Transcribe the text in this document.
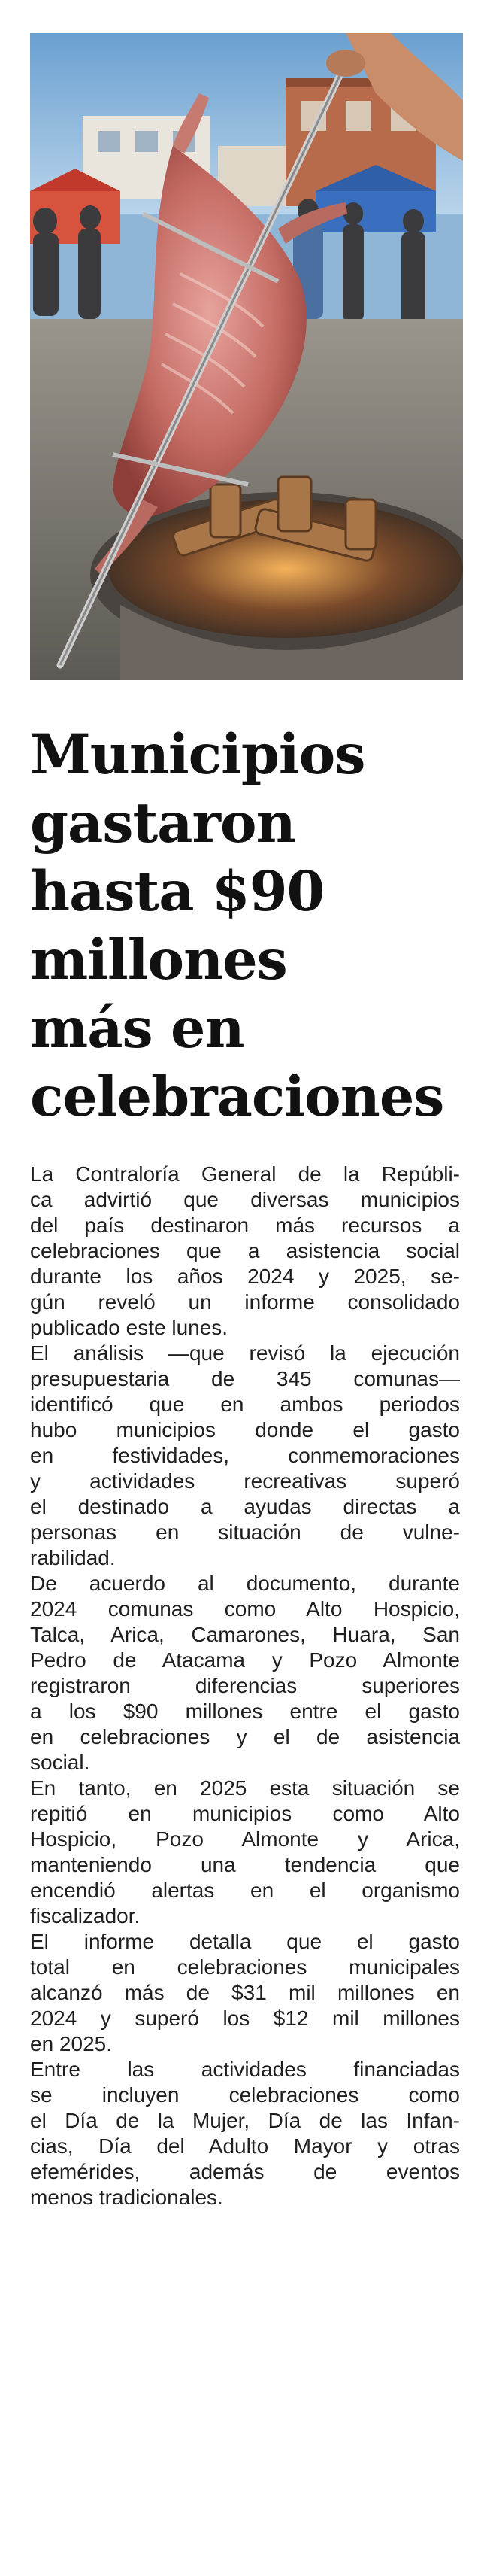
Municipios
gastaron
hasta $90
millones
más en
celebraciones
La Contraloría General de la Repúbli-
ca advirtió que diversas municipios
del país destinaron más recursos a
celebraciones que a asistencia social
durante los años 2024 y 2025, se-
gún reveló un informe consolidado
publicado este lunes.
El análisis —que revisó la ejecución
presupuestaria de 345 comunas—
identificó que en ambos periodos
hubo municipios donde el gasto
en festividades, conmemoraciones
y actividades recreativas superó
el destinado a ayudas directas a
personas en situación de vulne-
rabilidad.
De acuerdo al documento, durante
2024 comunas como Alto Hospicio,
Talca, Arica, Camarones, Huara, San
Pedro de Atacama y Pozo Almonte
registraron diferencias superiores
a los $90 millones entre el gasto
en celebraciones y el de asistencia
social.
En tanto, en 2025 esta situación se
repitió en municipios como Alto
Hospicio, Pozo Almonte y Arica,
manteniendo una tendencia que
encendió alertas en el organismo
fiscalizador.
El informe detalla que el gasto
total en celebraciones municipales
alcanzó más de $31 mil millones en
2024 y superó los $12 mil millones
en 2025.
Entre las actividades financiadas
se incluyen celebraciones como
el Día de la Mujer, Día de las Infan-
cias, Día del Adulto Mayor y otras
efemérides, además de eventos
menos tradicionales.
